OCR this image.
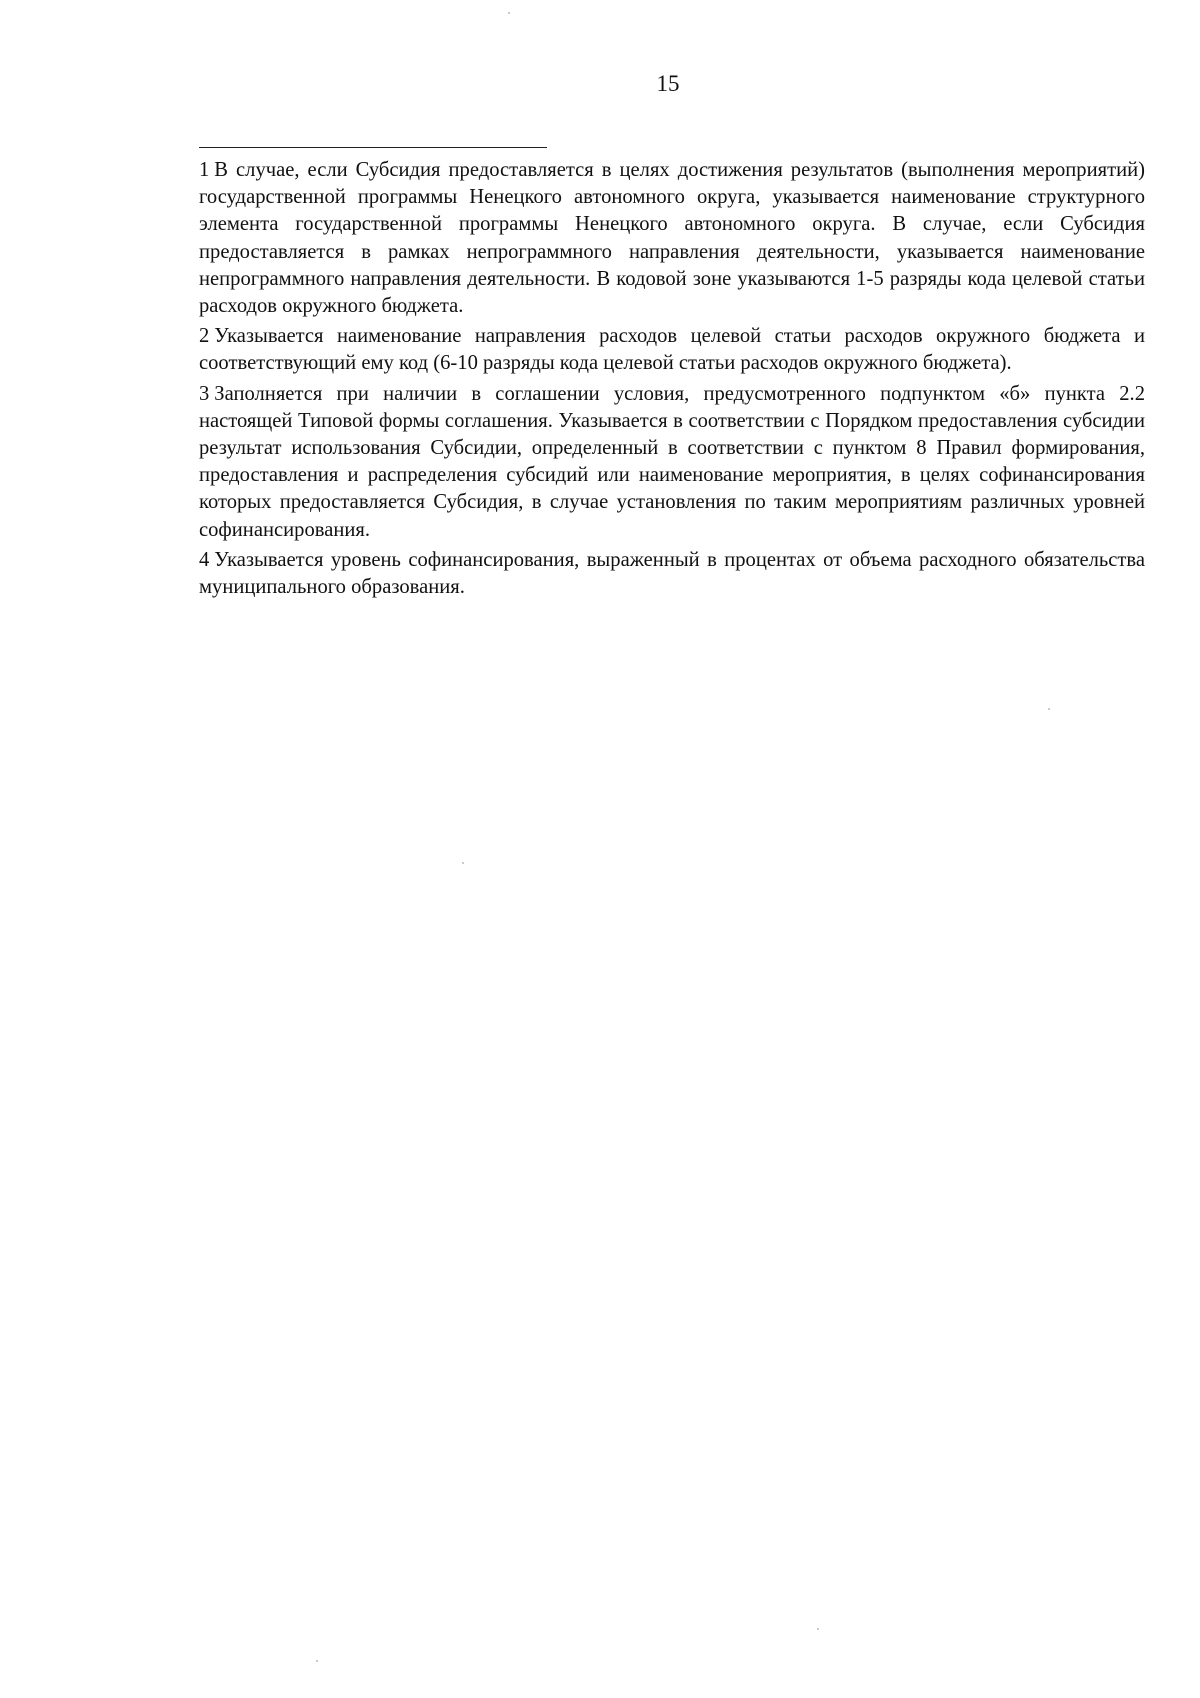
15

1 В случае, если Субсидия предоставляется в целях достижения результатов (выполнения мероприятий) государственной программы Ненецкого автономного округа, указывается наименование структурного элемента государственной программы Ненецкого автономного округа. В случае, если Субсидия предоставляется в рамках непрограммного направления деятельности, указывается наименование непрограммного направления деятельности. В кодовой зоне указываются 1-5 разряды кода целевой статьи расходов окружного бюджета.

2 Указывается наименование направления расходов целевой статьи расходов окружного бюджета и соответствующий ему код (6-10 разряды кода целевой статьи расходов окружного бюджета).

3 Заполняется при наличии в соглашении условия, предусмотренного подпунктом «б» пункта 2.2 настоящей Типовой формы соглашения. Указывается в соответствии с Порядком предоставления субсидии результат использования Субсидии, определенный в соответствии с пунктом 8 Правил формирования, предоставления и распределения субсидий или наименование мероприятия, в целях софинансирования которых предоставляется Субсидия, в случае установления по таким мероприятиям различных уровней софинансирования.

4 Указывается уровень софинансирования, выраженный в процентах от объема расходного обязательства муниципального образования.
